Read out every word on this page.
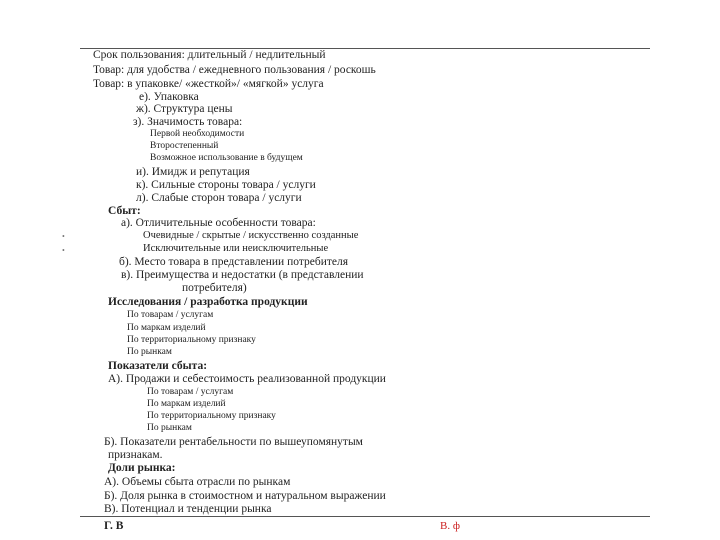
Срок пользования: длительный / недлительный
Товар: для удобства / ежедневного пользования / роскошь
Товар: в упаковке/ «жесткой»/ «мягкой» услуга
е). Упаковка
ж). Структура цены
з). Значимость товара:
Первой необходимости
Второстепенный
Возможное использование в будущем
и). Имидж и репутация
к). Сильные стороны товара / услуги
л). Слабые сторон товара / услуги
Сбыт:
а). Отличительные особенности товара:
•	Очевидные / скрытые / искусственно созданные
•	Исключительные или неисключительные
б). Место товара в представлении потребителя
в). Преимущества и недостатки (в представлении
потребителя)
Исследования / разработка продукции
По товарам / услугам
По маркам изделий
По территориальному признаку
По рынкам
Показатели сбыта:
А). Продажи и себестоимость реализованной продукции
По товарам / услугам
По маркам изделий
По территориальному признаку
По рынкам
Б). Показатели рентабельности по вышеупомянутым
признакам.
Доли рынка:
А). Объемы сбыта отрасли по рынкам
Б). Доля рынка в стоимостном и натуральном выражении
В). Потенциал и тенденции рынка
Г. В	В. ф
